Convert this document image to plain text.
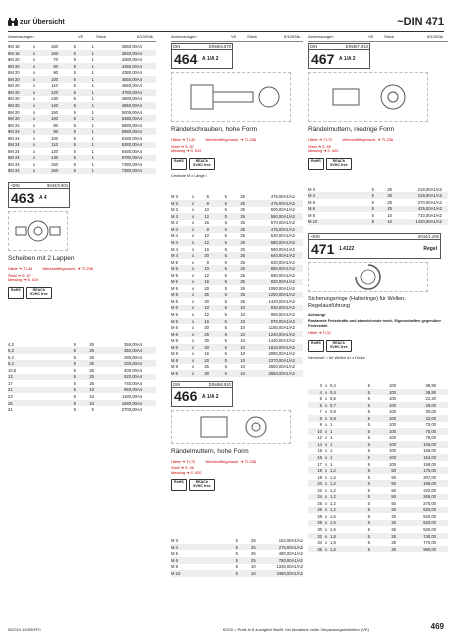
zur Übersicht	~DIN 471
Abmessungen	VE	Stück	€/100Stk.
8M 18	x	150	5	1	3550,00A4
8M 18	x	160	5	1	3640,00A4
8M 20	x	70	5	1	4380,00A4
8M 20	x	80	5	1	4380,00A4
8M 20	x	90	5	1	4380,00A4
8M 20	x	100	5	1	4550,00A4
8M 20	x	110	5	1	4650,00A4
8M 20	x	120	5	1	4750,00A4
8M 20	x	130	5	1	4890,00A4
8M 20	x	140	5	1	4850,00A4
8M 20	x	150	5	1	5000,00A4
8M 20	x	160	5	1	5380,00A4
8M 24	x	80	5	1	5880,00A4
8M 24	x	90	5	1	5980,00A4
8M 24	x	100	5	1	6180,00A4
8M 24	x	110	5	1	6280,00A4
8M 24	x	120	5	1	6480,00A4
8M 24	x	130	5	1	6780,00A4
8M 24	x	150	5	1	7380,00A4
8M 24	x	160	5	1	7380,00A4
~DIN	9044/3.904
463 A 4
Scheiben mit 2 Lappen
Härte ➜ Tl-44	Werkstoffeigensch. ➜ Tl-236
Stahl ➜ S. 87
Messing ➜ S. 619
RoHS	REACh SVHC free
4,3	5	25	350,00A4
5,3	5	25	350,00A4
6,4	5	25	285,00A4
8,4	5	25	335,00A4
10,5	5	25	400,00A4
13	5	25	520,00A4
17	5	25	740,00A4
21	5	10	950,00A4
23	5	10	1180,00A4
25	5	10	1690,00A4
31	5	5	2700,00A4
Abmessungen	VE	Stück	€/100Stk.
DIN	DIN464.570
464 A 1/A 2
Rändelschrauben, hohe Form
Härte ➜ Tl-32	Werkstoffeigensch. ➜ Tl-236
Stahl ➜ S. 87
Messing ➜ S. 619
RoHS	REACh SVHC free
Gewinde M x Länge l
M 3	x	6	5	25	475,00A1/A2
M 3	x	8	5	25	475,00A1/A2
M 3	x	10	5	25	500,00A1/A2
M 3	x	12	5	25	550,00A1/A2
M 3	x	16	5	25	570,00A1/A2
M 4	x	8	5	25	475,00A1/A2
M 4	x	10	5	25	530,00A1/A2
M 4	x	12	5	25	580,00A1/A2
M 4	x	16	5	25	590,00A1/A2
M 4	x	20	5	25	640,00A1/A2
M 5	x	8	5	25	630,00A1/A2
M 5	x	10	5	25	650,00A1/A2
M 5	x	12	5	25	690,00A1/A2
M 5	x	16	5	25	830,00A1/A2
M 5	x	20	5	25	1050,00A1/A2
M 5	x	25	5	25	1250,00A1/A2
M 5	x	30	5	25	1420,00A1/A2
M 6	x	10	5	10	930,00A1/A2
M 6	x	12	5	10	950,00A1/A2
M 6	x	16	5	10	970,00A1/A2
M 6	x	20	5	10	1180,00A1/A2
M 6	x	25	5	10	1240,00A1/A2
M 6	x	30	5	10	1440,00A1/A2
M 6	x	40	5	10	1810,00A1/A2
M 8	x	16	5	10	2080,00A1/A2
M 8	x	20	5	10	2370,00A1/A2
M 8	x	25	5	10	2650,00A1/A2
M 8	x	30	5	10	2850,00A1/A2
DIN	DIN466.910
466 A 1/A 2
Rändelmuttern, hohe Form
Härte ➜ Tl-72	Werkstoffeigensch. ➜ Tl-236
Stahl ➜ S. 68
Messing ➜ S. 620
RoHS	REACh SVHC free
M 3	5	25	152,00A1/A2
M 4	5	25	275,00A1/A2
M 5	5	25	480,00A1/A2
M 6	5	25	780,00A1/A2
M 8	5	10	1330,00A1/A2
M 10	5	10	3480,00A1/A2
Abmessungen	VE	Stück	€/100Stk.
DIN	DIN467.910
467 A 1/A 2
Rändelmuttern, niedrige Form
Härte ➜ Tl-72	Werkstoffeigensch. ➜ Tl-236
Stahl ➜ S. 69
Messing ➜ S. 620
RoHS	REACh SVHC free
M 3	5	25	218,00A1/A2
M 4	5	25	218,00A1/A2
M 5	5	25	270,00A1/A2
M 6	5	25	425,00A1/A2
M 8	5	10	710,00A1/A2
M 10	5	10	1420,00A1/A2
~DIN	0044/1.200
471 1.4122	Regel
Sicherungsringe (Halteringe) für Wellen, Regelausführung
Achtung!
Rostarmte Federkräfte und abweichende mech. Eigenschaften gegenüber Federstahl.
Härte ➜ Tl-31
RoHS	REACh SVHC free
Nennmaß = für Wellen d1 x Dicke
3 x 0,4	5	100	39,90
4 x 0,4	5	100	39,90
5 x 0,6	5	100	22,20
6 x 0,7	5	100	29,00
7 x 0,8	5	100	30,00
8 x 0,8	5	100	32,00
9 x 1	5	100	70,00
10 x 1	5	100	70,00
12 x 1	5	100	78,00
14 x 1	5	100	106,00
15 x 1	5	100	159,00
16 x 1	5	100	154,00
17 x 1	5	100	158,00
18 x 1,2	5	50	175,00
19 x 1,2	5	50	207,00
20 x 1,2	5	50	188,00
22 x 1,2	5	50	222,00
24 x 1,2	5	50	265,00
25 x 1,2	5	50	270,00
26 x 1,2	5	25	520,00
28 x 1,5	5	25	520,00
29 x 1,5	5	25	520,00
30 x 1,5	5	25	520,00
32 x 1,5	5	25	740,00
34 x 1,5	5	25	770,00
35 x 1,5	5	25	990,00
469
N/2019.10/DE/RTI	€/100 = Preis in € zuzüglich MwSt. bei Abnahme voller Verpackungseinheiten (VE)
